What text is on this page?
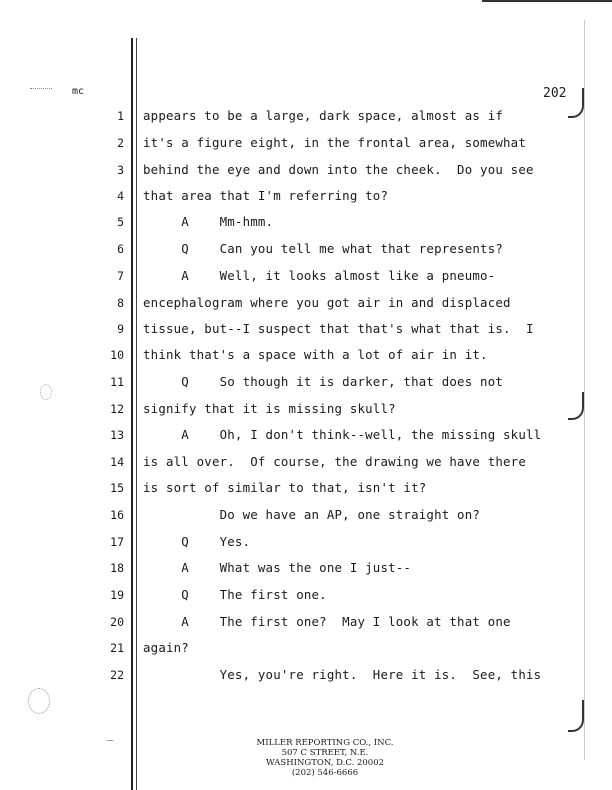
mc	202
1 appears to be a large, dark space, almost as if
2 it's a figure eight, in the frontal area, somewhat
3 behind the eye and down into the cheek.  Do you see
4 that area that I'm referring to?
5 A    Mm-hmm.
6 Q    Can you tell me what that represents?
7 A    Well, it looks almost like a pneumo-
8 encephalogram where you got air in and displaced
9 tissue, but--I suspect that that's what that is.  I
10 think that's a space with a lot of air in it.
11 Q    So though it is darker, that does not
12 signify that it is missing skull?
13 A    Oh, I don't think--well, the missing skull
14 is all over.  Of course, the drawing we have there
15 is sort of similar to that, isn't it?
16 Do we have an AP, one straight on?
17 Q    Yes.
18 A    What was the one I just--
19 Q    The first one.
20 A    The first one?  May I look at that one
21 again?
22 Yes, you're right.  Here it is.  See, this
MILLER REPORTING CO., INC.
507 C STREET, N.E.
WASHINGTON, D.C. 20002
(202) 546-6666
